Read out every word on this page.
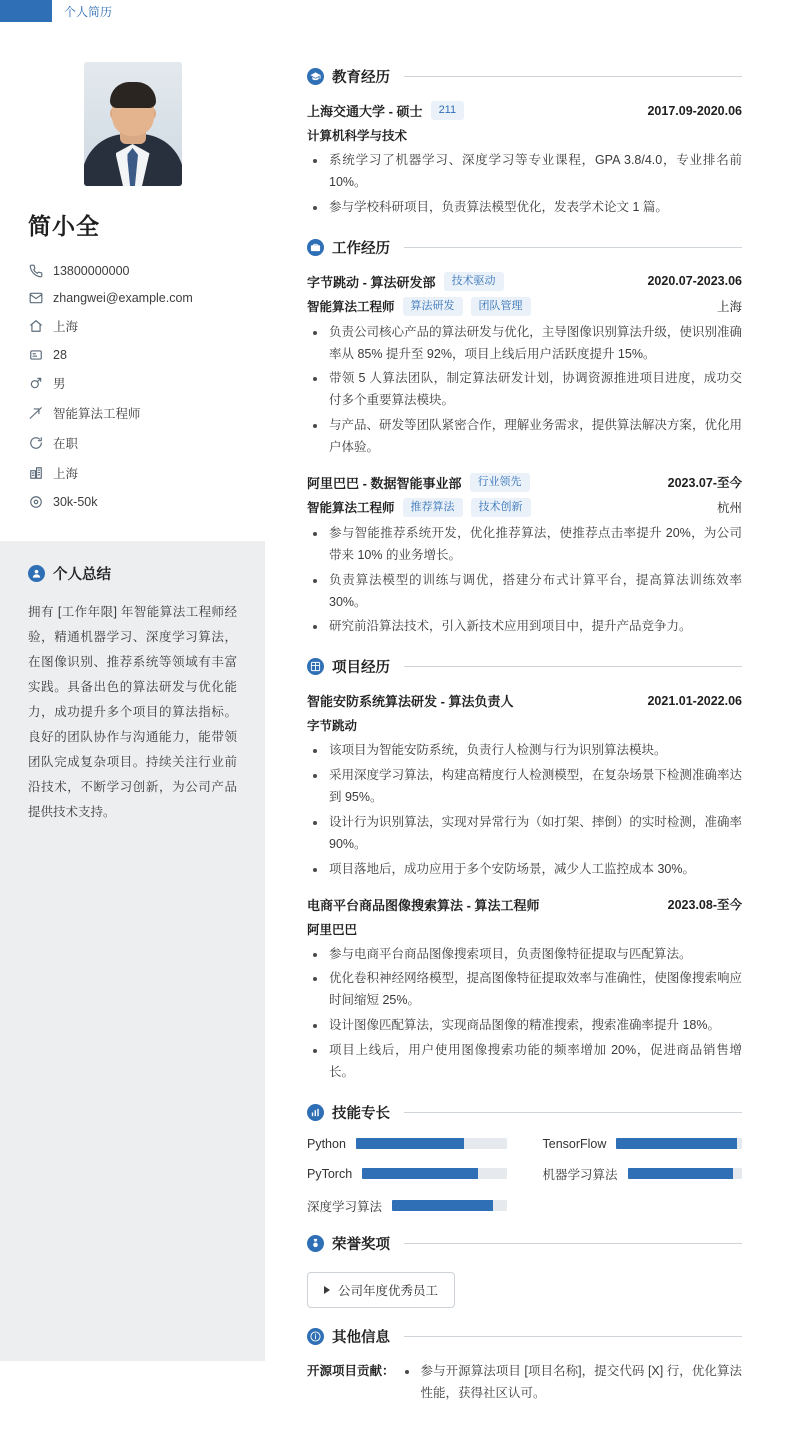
个人简历
简小全
13800000000
zhangwei@example.com
上海
28
男
智能算法工程师
在职
上海
30k-50k
个人总结
拥有 [工作年限] 年智能算法工程师经验，精通机器学习、深度学习算法，在图像识别、推荐系统等领域有丰富实践。具备出色的算法研发与优化能力，成功提升多个项目的算法指标。良好的团队协作与沟通能力，能带领团队完成复杂项目。持续关注行业前沿技术，不断学习创新，为公司产品提供技术支持。
教育经历
上海交通大学 - 硕士	211	2017.09-2020.06
计算机科学与技术
系统学习了机器学习、深度学习等专业课程，GPA 3.8/4.0，专业排名前 10%。
参与学校科研项目，负责算法模型优化，发表学术论文 1 篇。
工作经历
字节跳动 - 算法研发部	技术驱动	2020.07-2023.06
智能算法工程师	算法研发	团队管理	上海
负责公司核心产品的算法研发与优化，主导图像识别算法升级，使识别准确率从 85% 提升至 92%，项目上线后用户活跃度提升 15%。
带领 5 人算法团队，制定算法研发计划，协调资源推进项目进度，成功交付多个重要算法模块。
与产品、研发等团队紧密合作，理解业务需求，提供算法解决方案，优化用户体验。
阿里巴巴 - 数据智能事业部	行业领先	2023.07-至今
智能算法工程师	推荐算法	技术创新	杭州
参与智能推荐系统开发，优化推荐算法，使推荐点击率提升 20%，为公司带来 10% 的业务增长。
负责算法模型的训练与调优，搭建分布式计算平台，提高算法训练效率 30%。
研究前沿算法技术，引入新技术应用到项目中，提升产品竞争力。
项目经历
智能安防系统算法研发 - 算法负责人	2021.01-2022.06
字节跳动
该项目为智能安防系统，负责行人检测与行为识别算法模块。
采用深度学习算法，构建高精度行人检测模型，在复杂场景下检测准确率达到 95%。
设计行为识别算法，实现对异常行为（如打架、摔倒）的实时检测，准确率 90%。
项目落地后，成功应用于多个安防场景，减少人工监控成本 30%。
电商平台商品图像搜索算法 - 算法工程师	2023.08-至今
阿里巴巴
参与电商平台商品图像搜索项目，负责图像特征提取与匹配算法。
优化卷积神经网络模型，提高图像特征提取效率与准确性，使图像搜索响应时间缩短 25%。
设计图像匹配算法，实现商品图像的精准搜索，搜索准确率提升 18%。
项目上线后，用户使用图像搜索功能的频率增加 20%，促进商品销售增长。
技能专长
Python	TensorFlow
PyTorch	机器学习算法
深度学习算法
荣誉奖项
公司年度优秀员工
其他信息
开源项目贡献：	参与开源算法项目 [项目名称]，提交代码 [X] 行，优化算法性能，获得社区认可。
